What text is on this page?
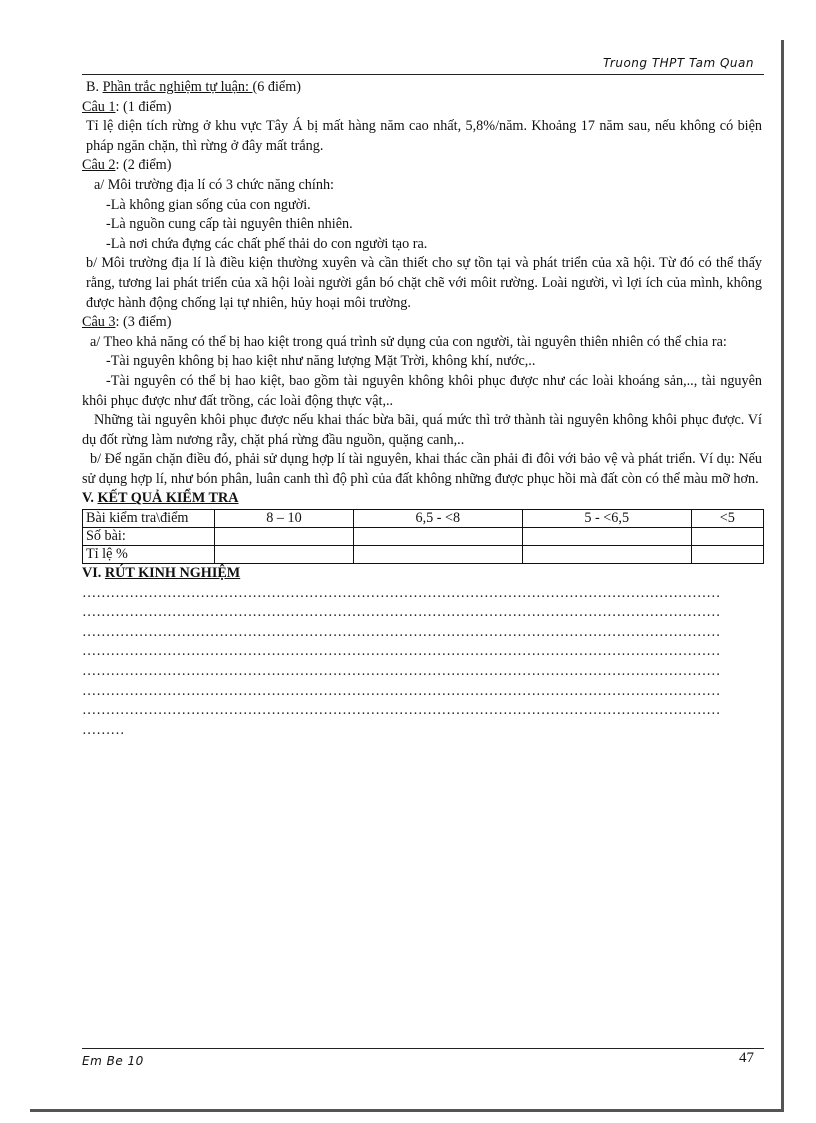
Truong THPT Tam Quan

B. Phần trắc nghiệm tự luận: (6 điểm)

Câu 1: (1 điểm)

Tỉ lệ diện tích rừng ở khu vực Tây Á bị mất hàng năm cao nhất, 5,8%/năm. Khoảng 17 năm sau, nếu không có biện pháp ngăn chặn, thì rừng ở đây mất trắng.

Câu 2: (2 điểm)

a/ Môi trường địa lí có 3 chức năng chính:

-Là không gian sống của con người.

-Là nguồn cung cấp tài nguyên thiên nhiên.

-Là nơi chứa đựng các chất phế thải do con người tạo ra.

b/ Môi trường địa lí là điều kiện thường xuyên và cần thiết cho sự tồn tại và phát triển của xã hội. Từ đó có thể thấy rằng, tương lai phát triển của xã hội loài người gắn bó chặt chẽ với môit rường. Loài người, vì lợi ích của mình, không được hành động chống lại tự nhiên, hủy hoại môi trường.

Câu 3: (3 điểm)

a/ Theo khả năng có thể bị hao kiệt trong quá trình sử dụng của con người, tài nguyên thiên nhiên có thể chia ra:

-Tài nguyên không bị hao kiệt như năng lượng Mặt Trời, không khí, nước,..

-Tài nguyên có thể bị hao kiệt, bao gồm tài nguyên không khôi phục được như các loài khoáng sản,.., tài nguyên khôi phục được như đất trồng, các loài động thực vật,..

Những tài nguyên khôi phục được nếu khai thác bừa bãi, quá mức thì trở thành tài nguyên không khôi phục được. Ví dụ đốt rừng làm nương rẫy, chặt phá rừng đầu nguồn, quặng canh,..

b/ Để ngăn chặn điều đó, phải sử dụng hợp lí tài nguyên, khai thác cần phải đi đôi với bảo vệ và phát triển. Ví dụ: Nếu sử dụng hợp lí, như bón phân, luân canh thì độ phì của đất không những được phục hồi mà đất còn có thể màu mỡ hơn.

V. KẾT QUẢ KIỂM TRA

Bài kiểm tra\điểm	8 – 10	6,5 - <8	5 - <6,5	<5
Số bài:				
Tỉ lệ %				

VI. RÚT KINH NGHIỆM

………………………………………………………………………………………………………………………
………………………………………………………………………………………………………………………
………………………………………………………………………………………………………………………
………………………………………………………………………………………………………………………
………………………………………………………………………………………………………………………
………………………………………………………………………………………………………………………
………………………………………………………………………………………………………………………
………
Em Be 10	47
